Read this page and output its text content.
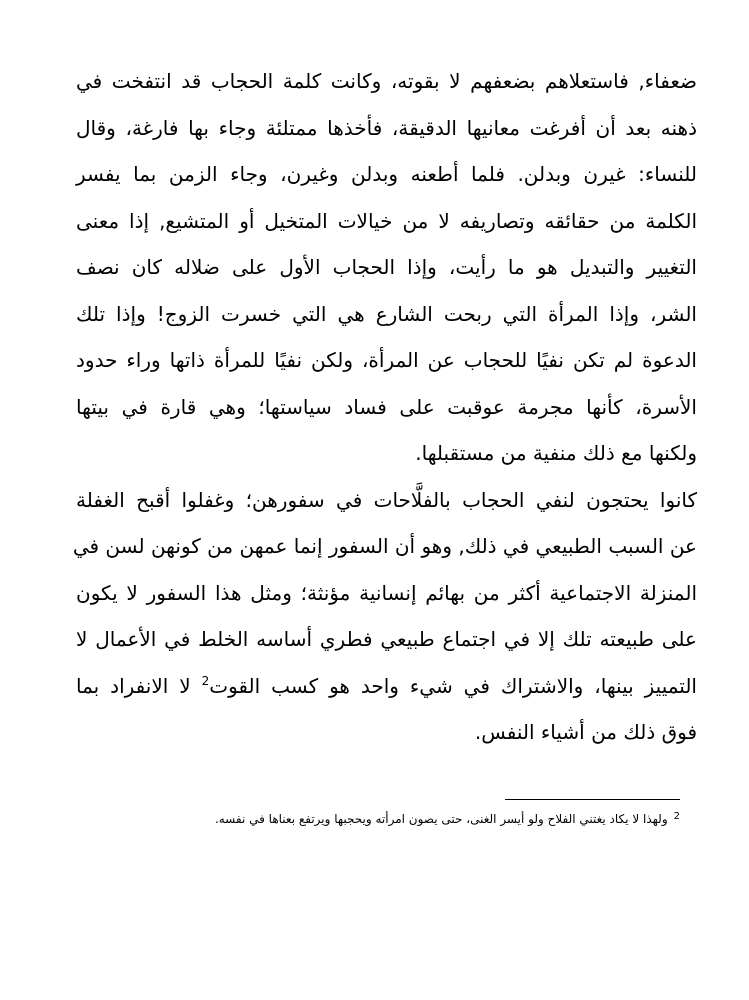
ضعفاء, فاستعلاهم بضعفهم لا بقوته، وكانت كلمة الحجاب قد انتفخت في
ذهنه بعد أن أفرغت معانيها الدقيقة، فأخذها ممتلئة وجاء بها فارغة، وقال
للنساء: غيرن وبدلن. فلما أطعنه وبدلن وغيرن، وجاء الزمن بما يفسر
الكلمة من حقائقه وتصاريفه لا من خيالات المتخيل أو المتشيع, إذا معنى
التغيير والتبديل هو ما رأيت، وإذا الحجاب الأول على ضلاله كان نصف
الشر، وإذا المرأة التي ربحت الشارع هي التي خسرت الزوج! وإذا تلك
الدعوة لم تكن نفيًا للحجاب عن المرأة، ولكن نفيًا للمرأة ذاتها وراء حدود
الأسرة، كأنها مجرمة عوقبت على فساد سياستها؛ وهي قارة في بيتها
ولكنها مع ذلك منفية من مستقبلها.
كانوا يحتجون لنفي الحجاب بالفلَّاحات في سفورهن؛ وغفلوا أقبح الغفلة
عن السبب الطبيعي في ذلك, وهو أن السفور إنما عمهن من كونهن لسن في
المنزلة الاجتماعية أكثر من بهائم إنسانية مؤنثة؛ ومثل هذا السفور لا يكون
على طبيعته تلك إلا في اجتماع طبيعي فطري أساسه الخلط في الأعمال لا
التمييز بينها، والاشتراك في شيء واحد هو كسب القوت$^2$ لا الانفراد بما
فوق ذلك من أشياء النفس.
$^2$ولهذا لا يكاد يغتني الفلاح ولو أيسر الغنى، حتى يصون امرأته ويحجبها ويرتفع بعناها في نفسه.
